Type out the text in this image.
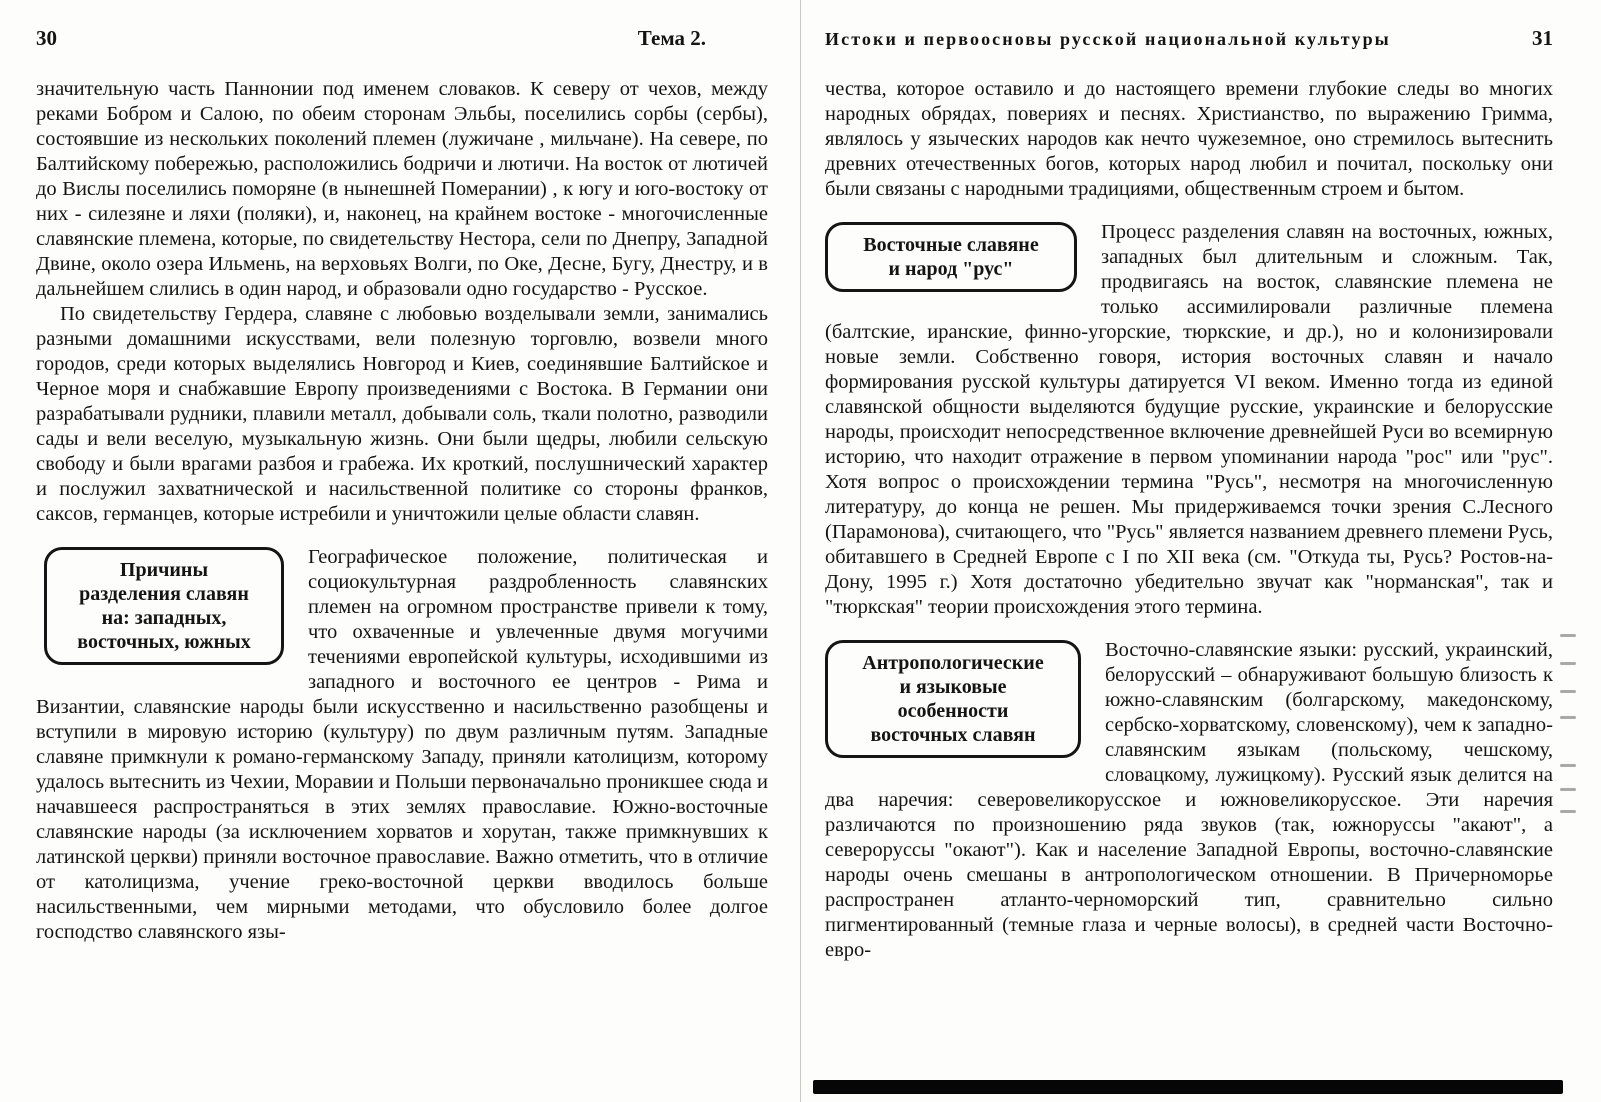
30	Тема 2.

значительную часть Паннонии под именем словаков. К северу от чехов, между реками Бобром и Салою, по обеим сторонам Эльбы, поселились сорбы (сербы), состоявшие из нескольких поколений племен (лужичане , мильчане). На севере, по Балтийскому побережью, расположились бодричи и лютичи. На восток от лютичей до Вислы поселились поморяне (в нынешней Померании) , к югу и юго-востоку от них - силезяне и ляхи (поляки), и, наконец, на крайнем востоке - многочисленные славянские племена, которые, по свидетельству Нестора, сели по Днепру, Западной Двине, около озера Ильмень, на верховьях Волги, по Оке, Десне, Бугу, Днестру, и в дальнейшем слились в один народ, и образовали одно государство - Русское.

По свидетельству Гердера, славяне с любовью возделывали земли, занимались разными домашними искусствами, вели полезную торговлю, возвели много городов, среди которых выделялись Новгород и Киев, соединявшие Балтийское и Черное моря и снабжавшие Европу произведениями с Востока. В Германии они разрабатывали рудники, плавили металл, добывали соль, ткали полотно, разводили сады и вели веселую, музыкальную жизнь. Они были щедры, любили сельскую свободу и были врагами разбоя и грабежа. Их кроткий, послушнический характер и послужил захватнической и насильственной политике со стороны франков, саксов, германцев, которые истребили и уничтожили целые области славян.

Причины
разделения славян
на: западных,
восточных, южных

Географическое положение, политическая и социокультурная раздробленность славянских племен на огромном пространстве привели к тому, что охваченные и увлеченные двумя могучими течениями европейской культуры, исходившими из западного и восточного ее центров - Рима и Византии, славянские народы были искусственно и насильственно разобщены и вступили в мировую историю (культуру) по двум различным путям. Западные славяне примкнули к романо-германскому Западу, приняли католицизм, которому удалось вытеснить из Чехии, Моравии и Польши первоначально проникшее сюда и начавшееся распространяться в этих землях православие. Южно-восточные славянские народы (за исключением хорватов и хорутан, также примкнувших к латинской церкви) приняли восточное православие. Важно отметить, что в отличие от католицизма, учение греко-восточной церкви вводилось больше насильственными, чем мирными методами, что обусловило более долгое господство славянского язы-

Истоки и первоосновы русской национальной культуры	31

чества, которое оставило и до настоящего времени глубокие следы во многих народных обрядах, повериях и песнях. Христианство, по выражению Гримма, являлось у языческих народов как нечто чужеземное, оно стремилось вытеснить древних отечественных богов, которых народ любил и почитал, поскольку они были связаны с народными традициями, общественным строем и бытом.

Восточные славяне
и народ "рус"

Процесс разделения славян на восточных, южных, западных был длительным и сложным. Так, продвигаясь на восток, славянские племена не только ассимилировали различные племена (балтские, иранские, финно-угорские, тюркские, и др.), но и колонизировали новые земли. Собственно говоря, история восточных славян и начало формирования русской культуры датируется VI веком. Именно тогда из единой славянской общности выделяются будущие русские, украинские и белорусские народы, происходит непосредственное включение древнейшей Руси во всемирную историю, что находит отражение в первом упоминании народа "рос" или "рус". Хотя вопрос о происхождении термина "Русь", несмотря на многочисленную литературу, до конца не решен. Мы придерживаемся точки зрения С.Лесного (Парамонова), считающего, что "Русь" является названием древнего племени Русь, обитавшего в Средней Европе с I по XII века (см. "Откуда ты, Русь? Ростов-на-Дону, 1995 г.) Хотя достаточно убедительно звучат как "норманская", так и "тюркская" теории происхождения этого термина.

Антропологические
и языковые
особенности
восточных славян

Восточно-славянские языки: русский, украинский, белорусский – обнаруживают большую близость к южно-славянским (болгарскому, македонскому, сербско-хорватскому, словенскому), чем к западно-славянским языкам (польскому, чешскому, словацкому, лужицкому). Русский язык делится на два наречия: северовеликорусское и южновеликорусское. Эти наречия различаются по произношению ряда звуков (так, южноруссы "акают", а североруссы "окают"). Как и население Западной Европы, восточно-славянские народы очень смешаны в антропологическом отношении. В Причерноморье распространен атланто-черноморский тип, сравнительно сильно пигментированный (темные глаза и черные волосы), в средней части Восточно-евро-
